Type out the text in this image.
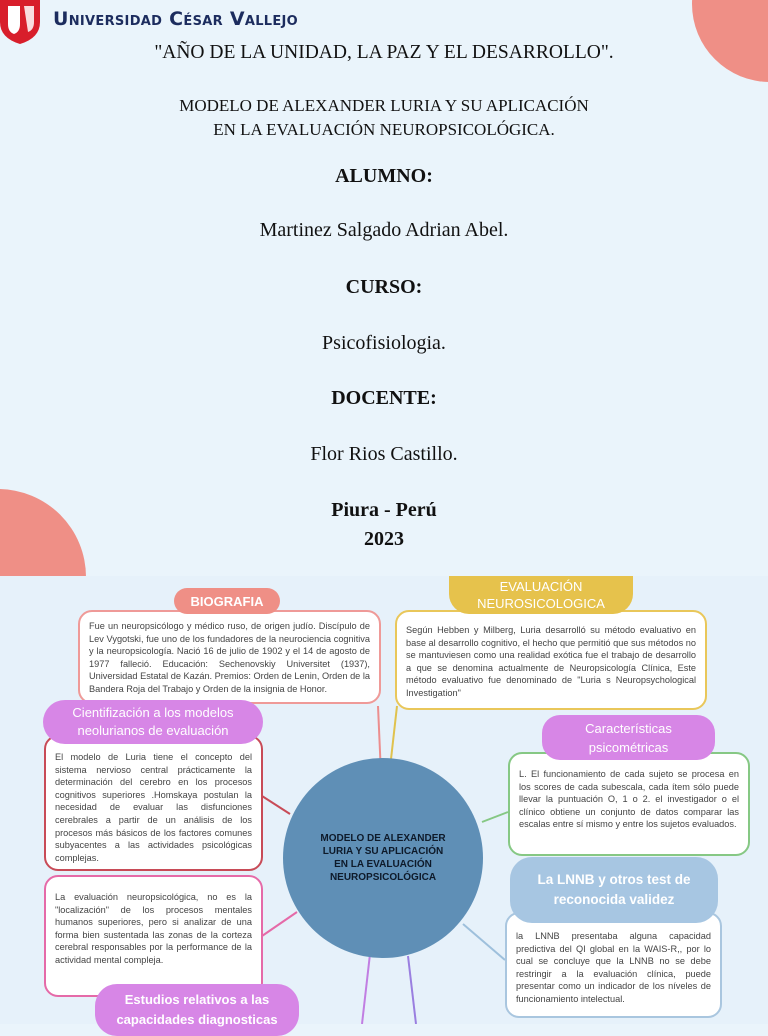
Universidad César Vallejo
"AÑO DE LA UNIDAD, LA PAZ Y EL DESARROLLO".
MODELO DE ALEXANDER LURIA Y SU APLICACIÓN
EN LA EVALUACIÓN NEUROPSICOLÓGICA.
ALUMNO:
Martinez Salgado Adrian Abel.
CURSO:
Psicofisiologia.
DOCENTE:
Flor Rios Castillo.
Piura - Perú
2023
Fue un neuropsicólogo y médico ruso, de origen judío. Discípulo de Lev Vygotski, fue uno de los fundadores de la neurociencia cognitiva y la neuropsicología. Nació 16 de julio de 1902 y el 14 de agosto de 1977 falleció. Educación: Sechenovskiy Universitet (1937), Universidad Estatal de Kazán. Premios: Orden de Lenin, Orden de la Bandera Roja del Trabajo y Orden de la insignia de Honor.
BIOGRAFIA
Según Hebben y Milberg, Luria desarrolló su método evaluativo en base al desarrollo cognitivo, el hecho que permitió que sus métodos no se mantuviesen como una realidad exótica fue el trabajo de desarrollo a que se denomina actualmente de Neuropsicología Clínica, Este método evaluativo fue denominado de "Luria s Neuropsychological Investigation"
EVALUACIÓN NEUROSICOLOGICA
El modelo de Luria tiene el concepto del sistema nervioso central prácticamente la determinación del cerebro en los procesos cognitivos superiores .Homskaya postulan la necesidad de evaluar las disfunciones cerebrales a partir de un análisis de los procesos más básicos de los factores comunes subyacentes a las actividades psicológicas complejas.
Cientifización a los modelos neolurianos de evaluación
L. El funcionamiento de cada sujeto se procesa en los scores de cada subescala, cada ítem sólo puede llevar la puntuación O, 1 o 2. el investigador o el clínico obtiene un conjunto de datos comparar las escalas entre sí mismo y entre los sujetos evaluados.
Características psicométricas
MODELO DE ALEXANDER LURIA Y SU APLICACIÓN EN LA EVALUACIÓN NEUROPSICOLÓGICA
La evaluación neuropsicológica, no es la "localización" de los procesos mentales humanos superiores, pero si analizar de una forma bien sustentada las zonas de la corteza cerebral responsables por la performance de la actividad mental compleja.
la LNNB presentaba alguna capacidad predictiva del QI global en la WAIS-R,, por lo cual se concluye que la LNNB no se debe restringir a la evaluación clínica, puede presentar como un indicador de los níveles de funcionamiento intelectual.
La LNNB y otros test de reconocida validez
Estudios relativos a las capacidades diagnosticas
